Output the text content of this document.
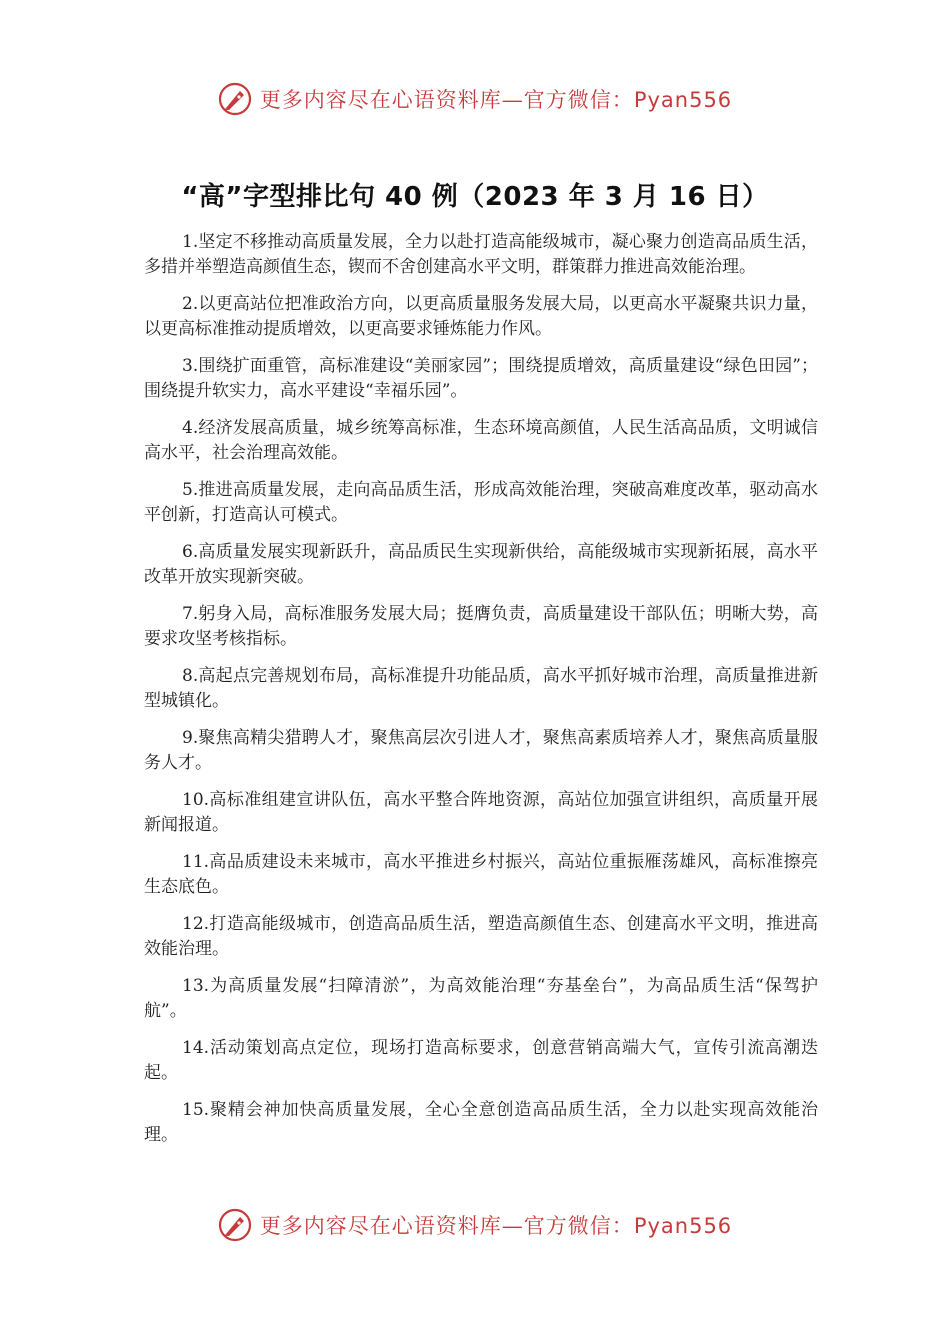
更多内容尽在心语资料库—官方微信：Pyan556
“高”字型排比句 40 例（2023 年 3 月 16 日）

1.坚定不移推动高质量发展，全力以赴打造高能级城市，凝心聚力创造高品质生活，多措并举塑造高颜值生态，锲而不舍创建高水平文明，群策群力推进高效能治理。

2.以更高站位把准政治方向，以更高质量服务发展大局，以更高水平凝聚共识力量，以更高标准推动提质增效，以更高要求锤炼能力作风。

3.围绕扩面重管，高标准建设“美丽家园”；围绕提质增效，高质量建设“绿色田园”；围绕提升软实力，高水平建设“幸福乐园”。

4.经济发展高质量，城乡统筹高标准，生态环境高颜值，人民生活高品质，文明诚信高水平，社会治理高效能。

5.推进高质量发展，走向高品质生活，形成高效能治理，突破高难度改革，驱动高水平创新，打造高认可模式。

6.高质量发展实现新跃升，高品质民生实现新供给，高能级城市实现新拓展，高水平改革开放实现新突破。

7.躬身入局，高标准服务发展大局；挺膺负责，高质量建设干部队伍；明晰大势，高要求攻坚考核指标。

8.高起点完善规划布局，高标准提升功能品质，高水平抓好城市治理，高质量推进新型城镇化。

9.聚焦高精尖猎聘人才，聚焦高层次引进人才，聚焦高素质培养人才，聚焦高质量服务人才。

10.高标准组建宣讲队伍，高水平整合阵地资源，高站位加强宣讲组织，高质量开展新闻报道。

11.高品质建设未来城市，高水平推进乡村振兴，高站位重振雁荡雄风，高标准擦亮生态底色。

12.打造高能级城市，创造高品质生活，塑造高颜值生态、创建高水平文明，推进高效能治理。

13.为高质量发展“扫障清淤”，为高效能治理“夯基垒台”，为高品质生活“保驾护航”。

14.活动策划高点定位，现场打造高标要求，创意营销高端大气，宣传引流高潮迭起。

15.聚精会神加快高质量发展，全心全意创造高品质生活，全力以赴实现高效能治理。

更多内容尽在心语资料库—官方微信：Pyan556
